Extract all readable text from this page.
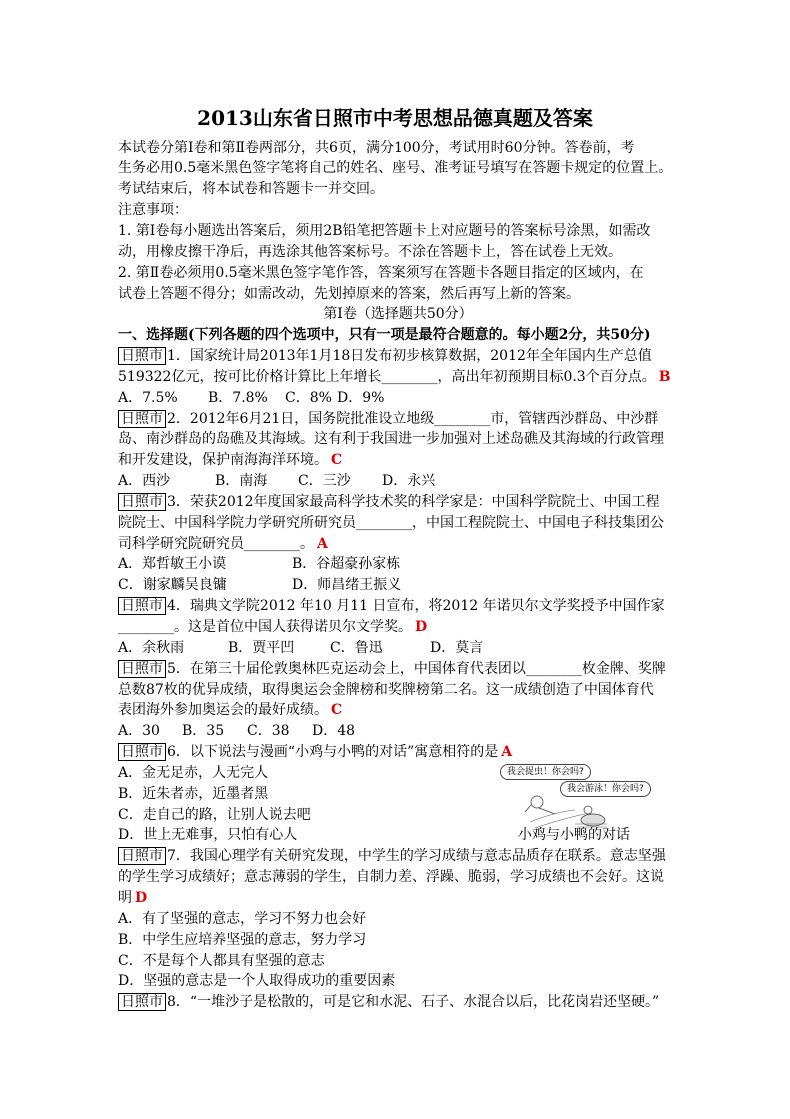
2013山东省日照市中考思想品德真题及答案
本试卷分第Ⅰ卷和第Ⅱ卷两部分，共6页，满分100分，考试用时60分钟。答卷前，考
生务必用0.5毫米黑色签字笔将自己的姓名、座号、准考证号填写在答题卡规定的位置上。
考试结束后，将本试卷和答题卡一并交回。
注意事项：
1. 第Ⅰ卷每小题选出答案后，须用2B铅笔把答题卡上对应题号的答案标号涂黑，如需改
动，用橡皮擦干净后，再选涂其他答案标号。不涂在答题卡上，答在试卷上无效。
2. 第Ⅱ卷必须用0.5毫米黑色签字笔作答，答案须写在答题卡各题目指定的区域内，在
试卷上答题不得分；如需改动，先划掉原来的答案，然后再写上新的答案。
第Ⅰ卷（选择题共50分）
一、选择题(下列各题的四个选项中，只有一项是最符合题意的。每小题2分，共50分)
日照市 1．国家统计局2013年1月18日发布初步核算数据，2012年全年国内生产总值
519322亿元，按可比价格计算比上年增长________，高出年初预期目标0.3个百分点。 B
A．7.5% B．7.8% C．8% D．9%
日照市 2．2012年6月21日，国务院批准设立地级________市，管辖西沙群岛、中沙群
岛、南沙群岛的岛礁及其海域。这有利于我国进一步加强对上述岛礁及其海域的行政管理
和开发建设，保护南海海洋环境。 C
A．西沙	B．南海 C．三沙 D．永兴
日照市 3．荣获2012年度国家最高科学技术奖的科学家是：中国科学院院士、中国工程
院院士、中国科学院力学研究所研究员________，中国工程院院士、中国电子科技集团公
司科学研究院研究员________。 A
A．郑哲敏王小谟	B．谷超豪孙家栋
C．谢家麟吴良镛	D．师昌绪王振义
日照市 4．瑞典文学院2012 年10 月11 日宣布，将2012 年诺贝尔文学奖授予中国作家
________。这是首位中国人获得诺贝尔文学奖。 D
A．余秋雨	B．贾平凹	C．鲁迅	D．莫言
日照市 5．在第三十届伦敦奥林匹克运动会上，中国体育代表团以________枚金牌、奖牌
总数87枚的优异成绩，取得奥运会金牌榜和奖牌榜第二名。这一成绩创造了中国体育代
表团海外参加奥运会的最好成绩。 C
A．30 B．35 C．38 D．48
日照市 6．以下说法与漫画“小鸡与小鸭的对话”寓意相符的是 A
A．金无足赤，人无完人
B．近朱者赤，近墨者黑
C．走自己的路，让别人说去吧
D．世上无难事，只怕有心人
日照市 7．我国心理学有关研究发现，中学生的学习成绩与意志品质存在联系。意志坚强
的学生学习成绩好；意志薄弱的学生，自制力差、浮躁、脆弱，学习成绩也不会好。这说
明 D
A．有了坚强的意志，学习不努力也会好
B．中学生应培养坚强的意志，努力学习
C．不是每个人都具有坚强的意志
D．坚强的意志是一个人取得成功的重要因素
日照市 8．“一堆沙子是松散的，可是它和水泥、石子、水混合以后，比花岗岩还坚硬。”
我会捉虫！你会吗?
我会游泳！你会吗?
小鸡与小鸭的对话
